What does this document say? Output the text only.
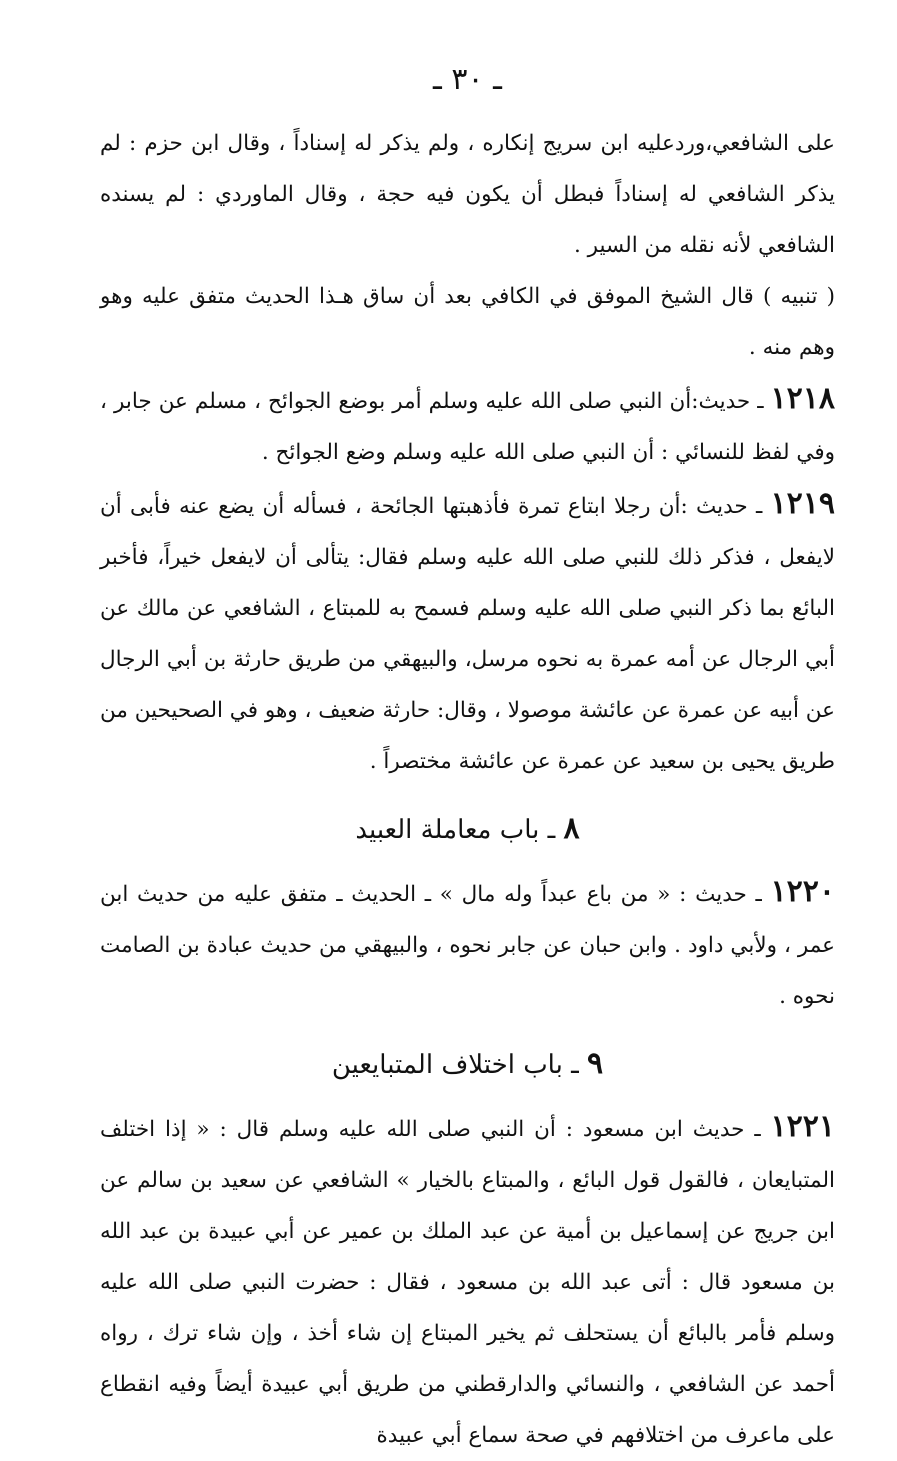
ـ ٣٠ ـ

على الشافعي،وردعليه ابن سريج إنكاره ، ولم يذكر له إسناداً ، وقال ابن حزم : لم يذكر الشافعي له إسناداً فبطل أن يكون فيه حجة ، وقال الماوردي : لم يسنده الشافعي لأنه نقله من السير .

( تنبيه ) قال الشيخ الموفق في الكافي بعد أن ساق هـذا الحديث متفق عليه وهو وهم منه .

١٢١٨ ـ حديث:أن النبي صلى الله عليه وسلم أمر بوضع الجوائح ، مسلم عن جابر ، وفي لفظ للنسائي : أن النبي صلى الله عليه وسلم وضع الجوائح .

١٢١٩ ـ حديث :أن رجلا ابتاع تمرة فأذهبتها الجائحة ، فسأله أن يضع عنه فأبى أن لايفعل ، فذكر ذلك للنبي صلى الله عليه وسلم فقال: يتألى أن لايفعل خيراً، فأخبر البائع بما ذكر النبي صلى الله عليه وسلم فسمح به للمبتاع ، الشافعي عن مالك عن أبي الرجال عن أمه عمرة به نحوه مرسل، والبيهقي من طريق حارثة بن أبي الرجال عن أبيه عن عمرة عن عائشة موصولا ، وقال: حارثة ضعيف ، وهو في الصحيحين من طريق يحيى بن سعيد عن عمرة عن عائشة مختصراً .

٨ ـ باب معاملة العبيد

١٢٢٠ ـ حديث : « من باع عبداً وله مال » ـ الحديث ـ متفق عليه من حديث ابن عمر ، ولأبي داود . وابن حبان عن جابر نحوه ، والبيهقي من حديث عبادة بن الصامت نحوه .

٩ ـ باب اختلاف المتبايعين

١٢٢١ ـ حديث ابن مسعود : أن النبي صلى الله عليه وسلم قال : « إذا اختلف المتبايعان ، فالقول قول البائع ، والمبتاع بالخيار » الشافعي عن سعيد بن سالم عن ابن جريج عن إسماعيل بن أمية عن عبد الملك بن عمير عن أبي عبيدة بن عبد الله بن مسعود قال : أتى عبد الله بن مسعود ، فقال : حضرت النبي صلى الله عليه وسلم فأمر بالبائع أن يستحلف ثم يخير المبتاع إن شاء أخذ ، وإن شاء ترك ، رواه أحمد عن الشافعي ، والنسائي والدارقطني من طريق أبي عبيدة أيضاً وفيه انقطاع على ماعرف من اختلافهم في صحة سماع أبي عبيدة
